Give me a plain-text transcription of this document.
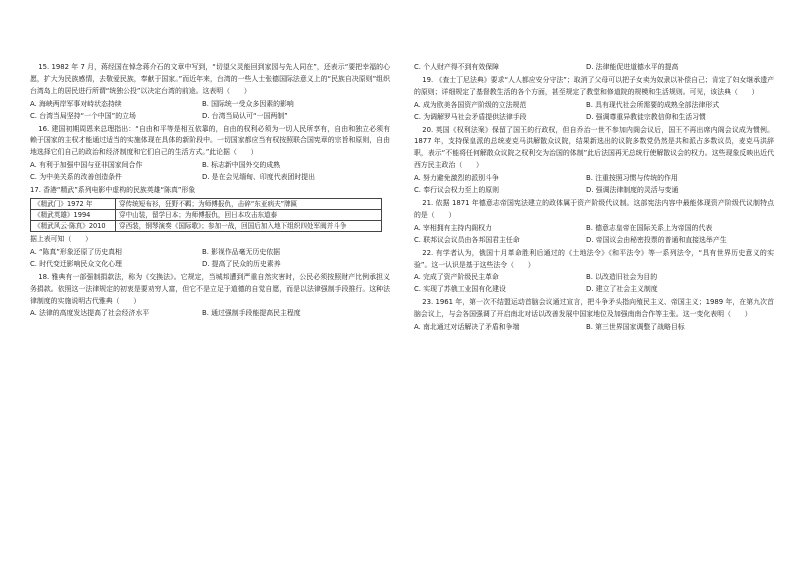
15. 1982 年 7 月，蒋经国在悼念蒋介石的文章中写到，“切望父灵能回到家园与先人同在”，还表示“要把幸福的心愿，扩大为民族感情，去敬爱民族，奉献于国家。”而近年来，台湾的一些人士张德国际法意义上的“民族自决原则”组织台湾岛上的居民进行所谓“统独公投”以决定台湾的前途。这表明（　　）

A. 海峡两岸军事对峙状态持续	B. 国际统一受众多因素的影响
C. 台湾当局坚持“一个中国”的立场	D. 台湾当局认可“一国两制”

16. 建国初期周恩来总理指出：“自由和平等是相互依靠的，自由的权利必须为一切人民所享有，自由和独立必须有赖于国家的主权才能通过适当的实施体现在具体的新阶段中。一切国家都应当有权按照联合国宪章的宗旨和原则，自由地选择它们自己的政治和经济制度和它们自己的生活方式。”此论据（　　）

A. 有利于加强中国与亚非国家间合作	B. 标志新中国外交的成熟
C. 为中美关系的改善创造条件	D. 是在会见缅甸、印度代表团时提出

17. 香港“精武”系列电影中虚构的民族英雄“陈真”形象

《精武门》1972 年	穿传统短布衫，狂野不羁；为师傅报仇，击碎“东亚病夫”牌匾
《精武英雄》1994	穿中山装，留学日本；为师傅报仇，回日本攻击东道泰
《精武风云·陈真》2010	穿西装，钢琴演奏《国际歌》；参加一战，回国后加入地下组织四处军阀并斗争

据上表可知（　　）

A. “陈真”形象还原了历史真相	B. 影视作品毫无历史依据
C. 时代变迁影响民众文化心理	D. 提高了民众的历史素养

18. 雅典有一部强制捐款法，称为《交换法》。它规定，当城邦遭到严重自然灾害时，公民必须按照财产比例承担义务捐款。依照这一法律规定的初衷是要劝穷人富，但它不是立足于道德的自觉自愿，而是以法律强制手段推行。这种法律制度的实施说明古代雅典（　　）

A. 法律的高度发达提高了社会经济水平	B. 通过强制手段能提高民主程度
C. 个人财产得不到有效保障	D. 法律能促进道德水平的提高

19. 《查士丁尼法典》要求“人人都应安分守法”；取消了父母可以把子女卖为奴隶以补偿自己；肯定了妇女继承遗产的原则；详细规定了基督教生活的各个方面，甚至规定了教堂和修道院的规模和生活规则。可见，该法典（　　）

A. 成为欧美各国资产阶级的立法规范	B. 具有现代社会所需要的成熟全部法律形式
C. 为调解罗马社会矛盾提供法律手段	D. 强调尊重异教徒宗教信仰和生活习惯

20. 英国《权利法案》保留了国王的行政权，但自乔治一世不参加内阁会议后，国王不再出席内阁会议成为惯例。1877 年，支持保皇派的总统麦克马洪解散众议院，结果新选出的议院多数党仍然是共和派占多数议员，麦克马洪辞职，表示“不能将任何解散众议院之权利交为治国的体制”此后法国再无总统行使解散议会的权力。这些现象反映出近代西方民主政治（　　）

A. 努力避免激烈的派别斗争	B. 注重按照习惯与传统的作用
C. 奉行议会权力至上的原则	D. 强调法律制度的灵活与变通

21. 依据 1871 年德意志帝国宪法建立的政体属于资产阶级代议制。这部宪法内容中最能体现资产阶级代议制特点的是（　　）

A. 宰相拥有主持内阁权力	B. 德意志皇帝在国际关系上为帝国的代表
C. 联邦议会议员由各邦国君主任命	D. 帝国议会由秘密投票的普通和直接选举产生

22. 有学者认为，俄国十月革命胜利后通过的《土地法令》《和平法令》等一系列法令，“具有世界历史意义的实验”。这一认识是基于这些法令（　　）

A. 完成了资产阶级民主革命	B. 以改造旧社会为目的
C. 实现了苏俄工业国有化建设	D. 建立了社会主义制度

23. 1961 年，第一次不结盟运动首脑会议通过宣言，把斗争矛头指向殖民主义、帝国主义；1989 年，在第九次首脑会议上，与会各国强调了开启南北对话以改善发展中国家地位及加强南南合作等主张。这一变化表明（　　）

A. 南北通过对话解决了矛盾和争端	B. 第三世界国家调整了战略目标
